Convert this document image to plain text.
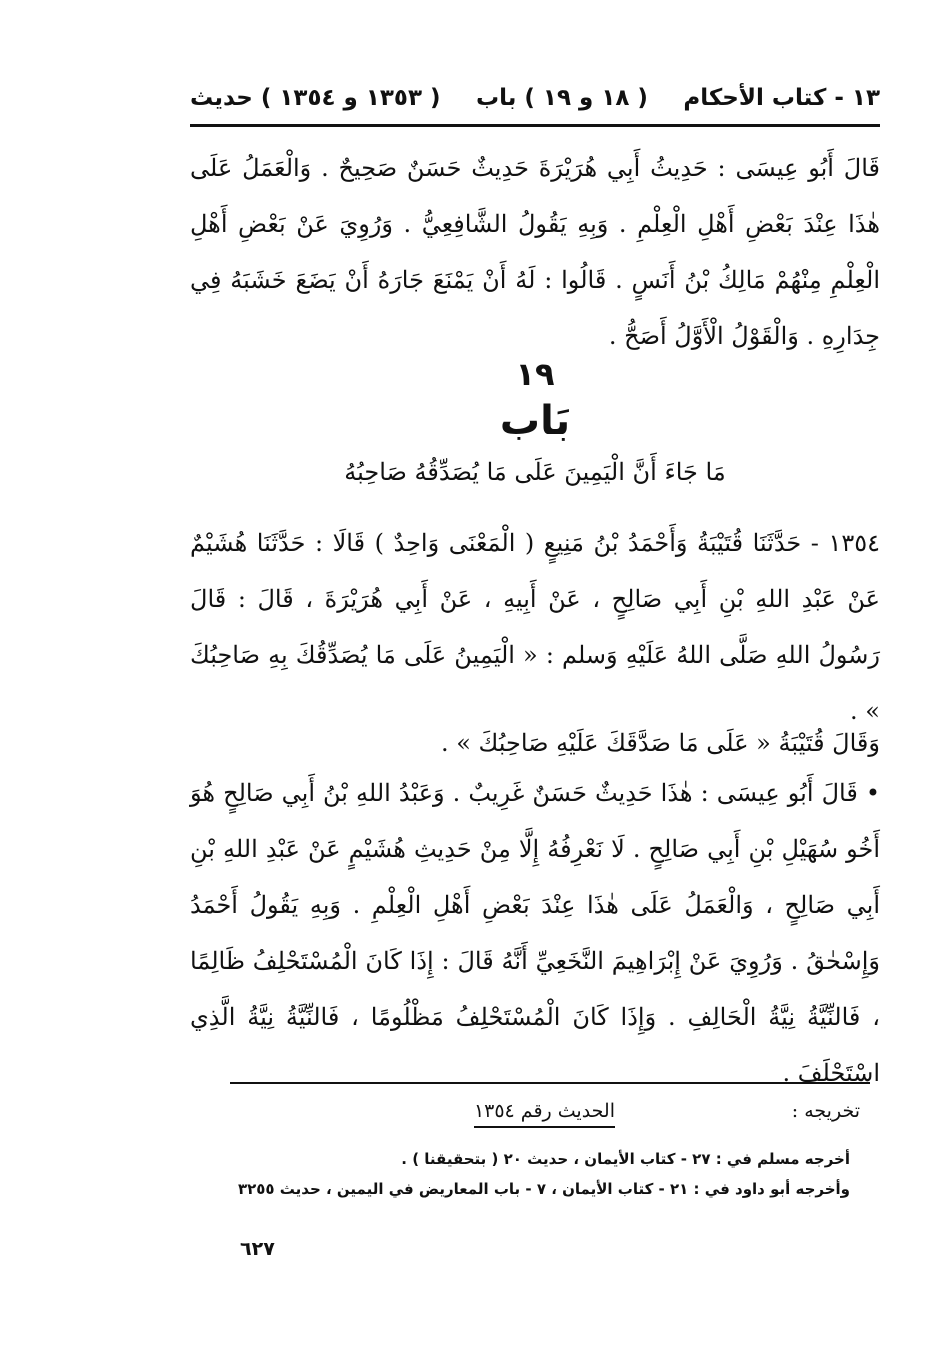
١٣ - كتاب الأحكام
( ١٨ و ١٩ ) باب
( ١٣٥٣ و ١٣٥٤ ) حديث

قَالَ أَبُو عِيسَى : حَدِيثُ أَبِي هُرَيْرَةَ حَدِيثٌ حَسَنٌ صَحِيحٌ . وَالْعَمَلُ عَلَى هٰذَا عِنْدَ بَعْضِ أَهْلِ الْعِلْمِ . وَبِهِ يَقُولُ الشَّافِعِيُّ . وَرُوِيَ عَنْ بَعْضِ أَهْلِ الْعِلْمِ مِنْهُمْ مَالِكُ بْنُ أَنَسٍ . قَالُوا : لَهُ أَنْ يَمْنَعَ جَارَهُ أَنْ يَضَعَ خَشَبَهُ فِي جِدَارِهِ . وَالْقَوْلُ الْأَوَّلُ أَصَحُّ .

١٩
بَاب
مَا جَاءَ أَنَّ الْيَمِينَ عَلَى مَا يُصَدِّقُهُ صَاحِبُهُ

١٣٥٤ - حَدَّثَنَا قُتَيْبَةُ وَأَحْمَدُ بْنُ مَنِيعٍ ( الْمَعْنَى وَاحِدٌ ) قَالَا : حَدَّثَنَا هُشَيْمٌ عَنْ عَبْدِ اللهِ بْنِ أَبِي صَالِحٍ ، عَنْ أَبِيهِ ، عَنْ أَبِي هُرَيْرَةَ ، قَالَ : قَالَ رَسُولُ اللهِ صَلَّى اللهُ عَلَيْهِ وَسلم : « الْيَمِينُ عَلَى مَا يُصَدِّقُكَ بِهِ صَاحِبُكَ » .

وَقَالَ قُتَيْبَةُ « عَلَى مَا صَدَّقَكَ عَلَيْهِ صَاحِبُكَ » .

• قَالَ أَبُو عِيسَى : هٰذَا حَدِيثٌ حَسَنٌ غَرِيبٌ . وَعَبْدُ اللهِ بْنُ أَبِي صَالِحٍ هُوَ أَخُو سُهَيْلِ بْنِ أَبِي صَالِحٍ . لَا نَعْرِفُهُ إِلَّا مِنْ حَدِيثِ هُشَيْمٍ عَنْ عَبْدِ اللهِ بْنِ أَبِي صَالِحٍ ، وَالْعَمَلُ عَلَى هٰذَا عِنْدَ بَعْضِ أَهْلِ الْعِلْمِ . وَبِهِ يَقُولُ أَحْمَدُ وَإِسْحٰقُ . وَرُوِيَ عَنْ إِبْرَاهِيمَ النَّخَعِيِّ أَنَّهُ قَالَ : إِذَا كَانَ الْمُسْتَحْلِفُ ظَالِمًا ، فَالنِّيَّةُ نِيَّةُ الْحَالِفِ . وَإِذَا كَانَ الْمُسْتَحْلِفُ مَظْلُومًا ، فَالنِّيَّةُ نِيَّةُ الَّذِي اسْتَحْلَفَ .

تخريجه :
الحديث رقم ١٣٥٤
أخرجه مسلم في : ٢٧ - كتاب الأيمان ، حديث ٢٠ ( بتحقيقنا ) .
وأخرجه أبو داود في : ٢١ - كتاب الأيمان ، ٧ - باب المعاريض في اليمين ، حديث ٣٢٥٥
٦٢٧
